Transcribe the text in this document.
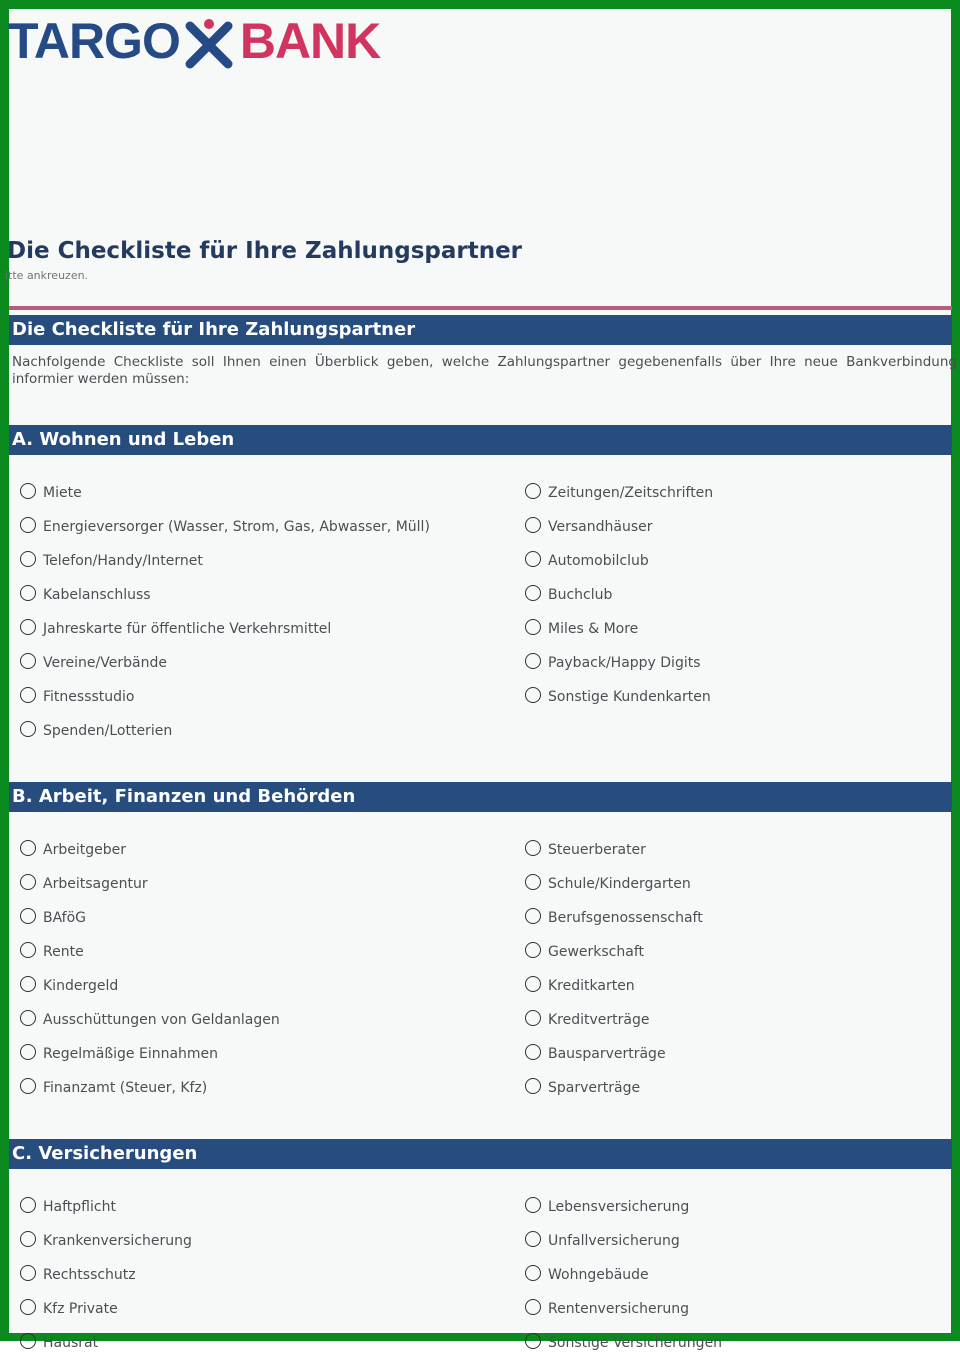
TARGO BANK
Die Checkliste für Ihre Zahlungspartner
itte ankreuzen.
Die Checkliste für Ihre Zahlungspartner

Nachfolgende Checkliste soll Ihnen einen Überblick geben, welche Zahlungspartner gegebenenfalls über Ihre neue Bankverbindung informier werden müssen:

A. Wohnen und Leben
Miete
Energieversorger (Wasser, Strom, Gas, Abwasser, Müll)
Telefon/Handy/Internet
Kabelanschluss
Jahreskarte für öffentliche Verkehrsmittel
Vereine/Verbände
Fitnessstudio
Spenden/Lotterien
Zeitungen/Zeitschriften
Versandhäuser
Automobilclub
Buchclub
Miles & More
Payback/Happy Digits
Sonstige Kundenkarten
B. Arbeit, Finanzen und Behörden
Arbeitgeber
Arbeitsagentur
BAföG
Rente
Kindergeld
Ausschüttungen von Geldanlagen
Regelmäßige Einnahmen
Finanzamt (Steuer, Kfz)
Steuerberater
Schule/Kindergarten
Berufsgenossenschaft
Gewerkschaft
Kreditkarten
Kreditverträge
Bausparverträge
Sparverträge
C. Versicherungen
Haftpflicht
Krankenversicherung
Rechtsschutz
Kfz Private
Hausrat
Lebensversicherung
Unfallversicherung
Wohngebäude
Rentenversicherung
Sonstige Versicherungen
